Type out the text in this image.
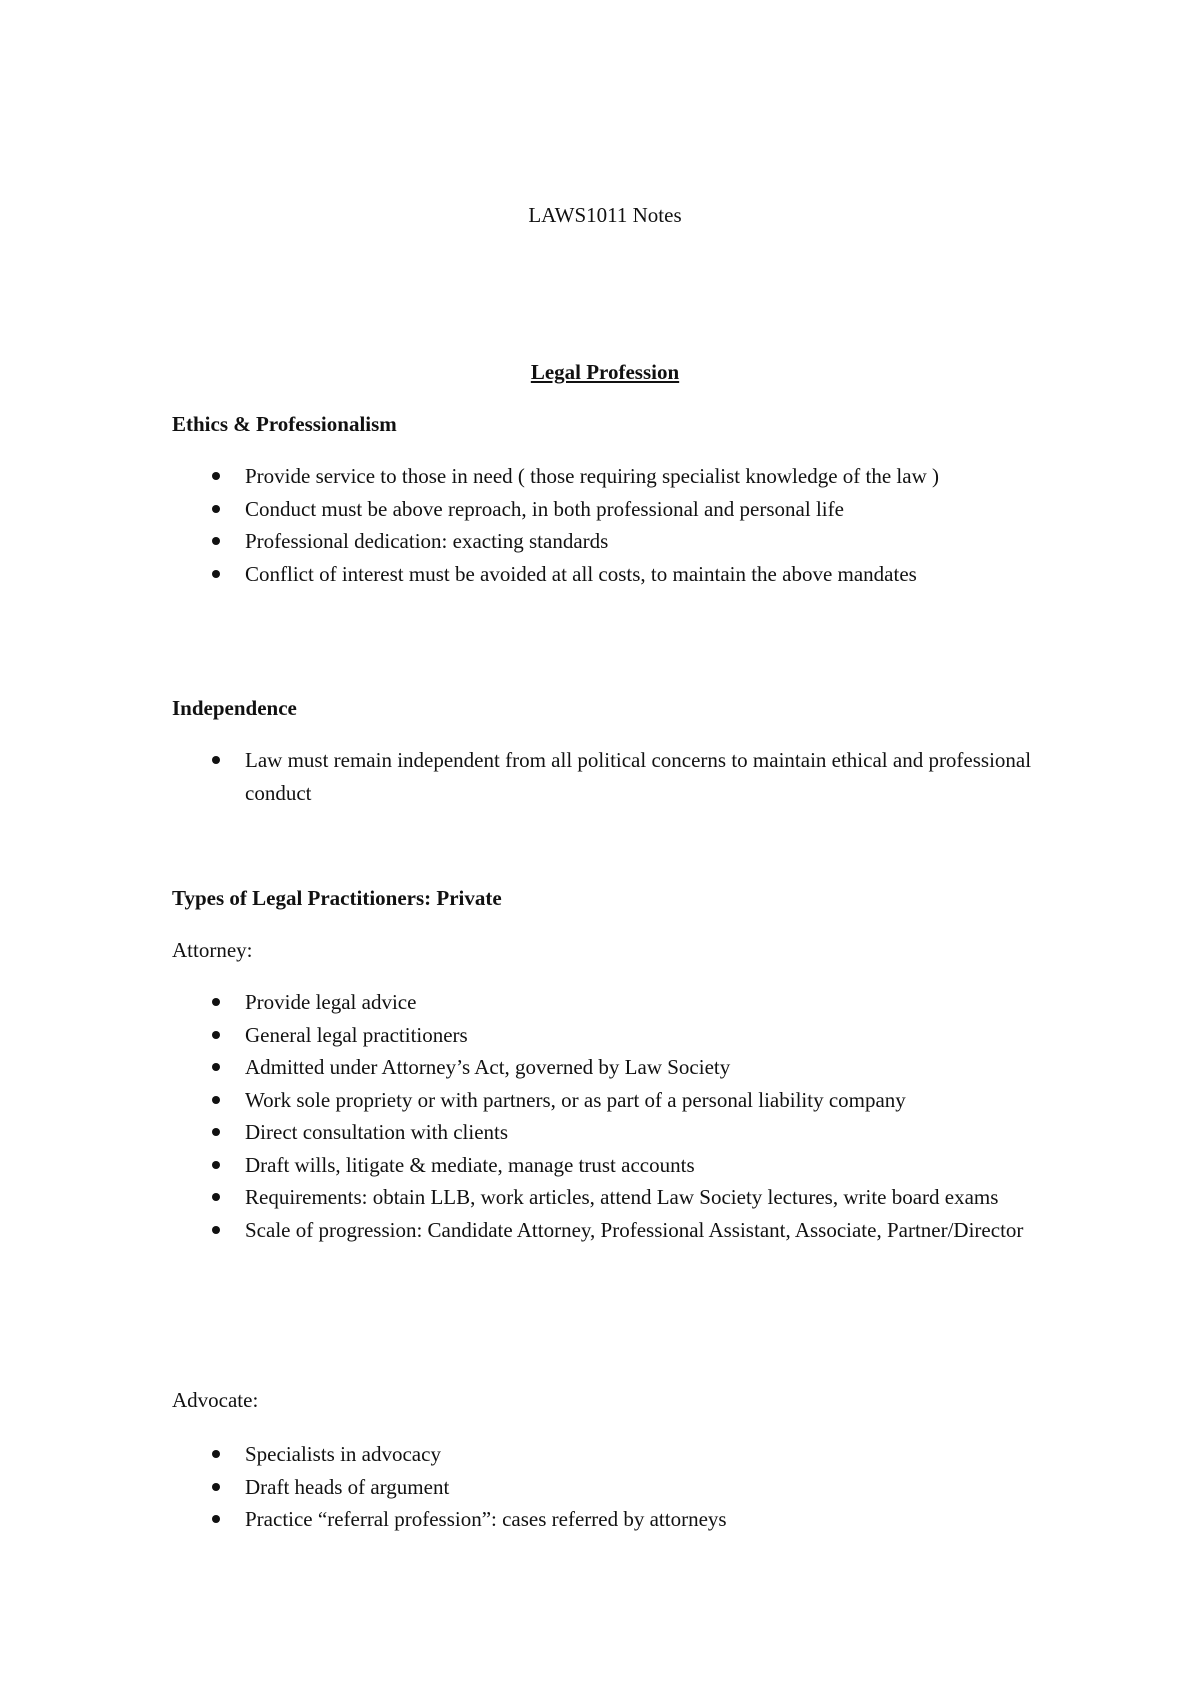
LAWS1011 Notes
Legal Profession
Ethics & Professionalism
Provide service to those in need ( those requiring specialist knowledge of the law )
Conduct must be above reproach, in both professional and personal life
Professional dedication: exacting standards
Conflict of interest must be avoided at all costs, to maintain the above mandates
Independence
Law must remain independent from all political concerns to maintain ethical and professional conduct
Types of Legal Practitioners: Private
Attorney:
Provide legal advice
General legal practitioners
Admitted under Attorney’s Act, governed by Law Society
Work sole propriety or with partners, or as part of a personal liability company
Direct consultation with clients
Draft wills, litigate & mediate, manage trust accounts
Requirements: obtain LLB, work articles, attend Law Society lectures, write board exams
Scale of progression: Candidate Attorney, Professional Assistant, Associate, Partner/Director
Advocate:
Specialists in advocacy
Draft heads of argument
Practice “referral profession”: cases referred by attorneys
